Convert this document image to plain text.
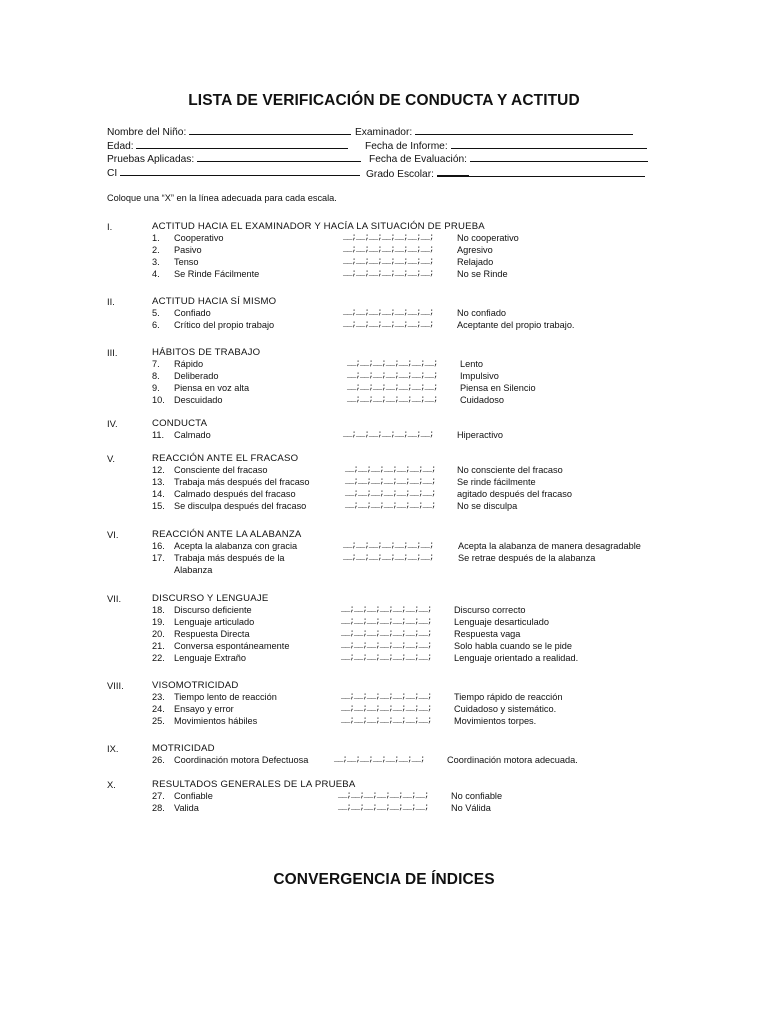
LISTA DE VERIFICACIÓN DE CONDUCTA Y ACTITUD
Nombre del Niño:	Examinador:
Edad:	Fecha de Informe:
Pruebas Aplicadas:	Fecha de Evaluación:
CI	Grado Escolar:
Coloque una “X” en la línea adecuada para cada escala.
I.	ACTITUD HACIA EL EXAMINADOR Y HACÍA LA SITUACIÓN DE PRUEBA
1. Cooperativo	__;__;__;__;__;__;__;	No cooperativo
2. Pasivo	__;__;__;__;__;__;__;	Agresivo
3. Tenso	__;__;__;__;__;__;__;	Relajado
4. Se Rinde Fácilmente	__;__;__;__;__;__;__;	No se Rinde
II.	ACTITUD HACIA SÍ MISMO
5. Confiado	__;__;__;__;__;__;__;	No confiado
6. Crítico del propio trabajo	__;__;__;__;__;__;__;	Aceptante del propio trabajo.
III.	HÁBITOS DE TRABAJO
7. Rápido	__;__;__;__;__;__;__; Lento
8. Deliberado	__;__;__;__;__;__;__; Impulsivo
9. Piensa en voz alta	__;__;__;__;__;__;__; Piensa en Silencio
10. Descuidado	__;__;__;__;__;__;__; Cuidadoso
IV.	CONDUCTA
11. Calmado	__;__;__;__;__;__;__;	Hiperactivo
V.	REACCIÓN ANTE EL FRACASO
12. Consciente del fracaso	__;__;__;__;__;__;__; No consciente del fracaso
13. Trabaja más después del fracaso	__;__;__;__;__;__;__; Se rinde fácilmente
14. Calmado después del fracaso	__;__;__;__;__;__;__; agitado después del fracaso
15. Se disculpa después del fracaso	__;__;__;__;__;__;__; No se disculpa
VI.	REACCIÓN ANTE LA ALABANZA
16. Acepta la alabanza con gracia	__;__;__;__;__;__;__;	Acepta la alabanza de manera desagradable
17. Trabaja más después de la	__;__;__;__;__;__;__;	Se retrae después de la alabanza
Alabanza
VII.	DISCURSO Y LENGUAJE
18. Discurso deficiente	__;__;__;__;__;__;__; Discurso correcto
19. Lenguaje articulado	__;__;__;__;__;__;__; Lenguaje desarticulado
20. Respuesta Directa	__;__;__;__;__;__;__; Respuesta vaga
21. Conversa espontáneamente	__;__;__;__;__;__;__; Solo habla cuando se le pide
22. Lenguaje Extraño	__;__;__;__;__;__;__; Lenguaje orientado a realidad.
VIII.	VISOMOTRICIDAD
23. Tiempo lento de reacción	__;__;__;__;__;__;__; Tiempo rápido de reacción
24. Ensayo y error	__;__;__;__;__;__;__; Cuidadoso y sistemático.
25. Movimientos hábiles	__;__;__;__;__;__;__; Movimientos torpes.
IX.	MOTRICIDAD
26. Coordinación motora Defectuosa	__;__;__;__;__;__;__; Coordinación motora adecuada.
X.	RESULTADOS GENERALES DE LA PRUEBA
27. Confiable	__;__;__;__;__;__;__; No confiable
28. Valida	__;__;__;__;__;__;__; No Válida
CONVERGENCIA DE ÍNDICES
